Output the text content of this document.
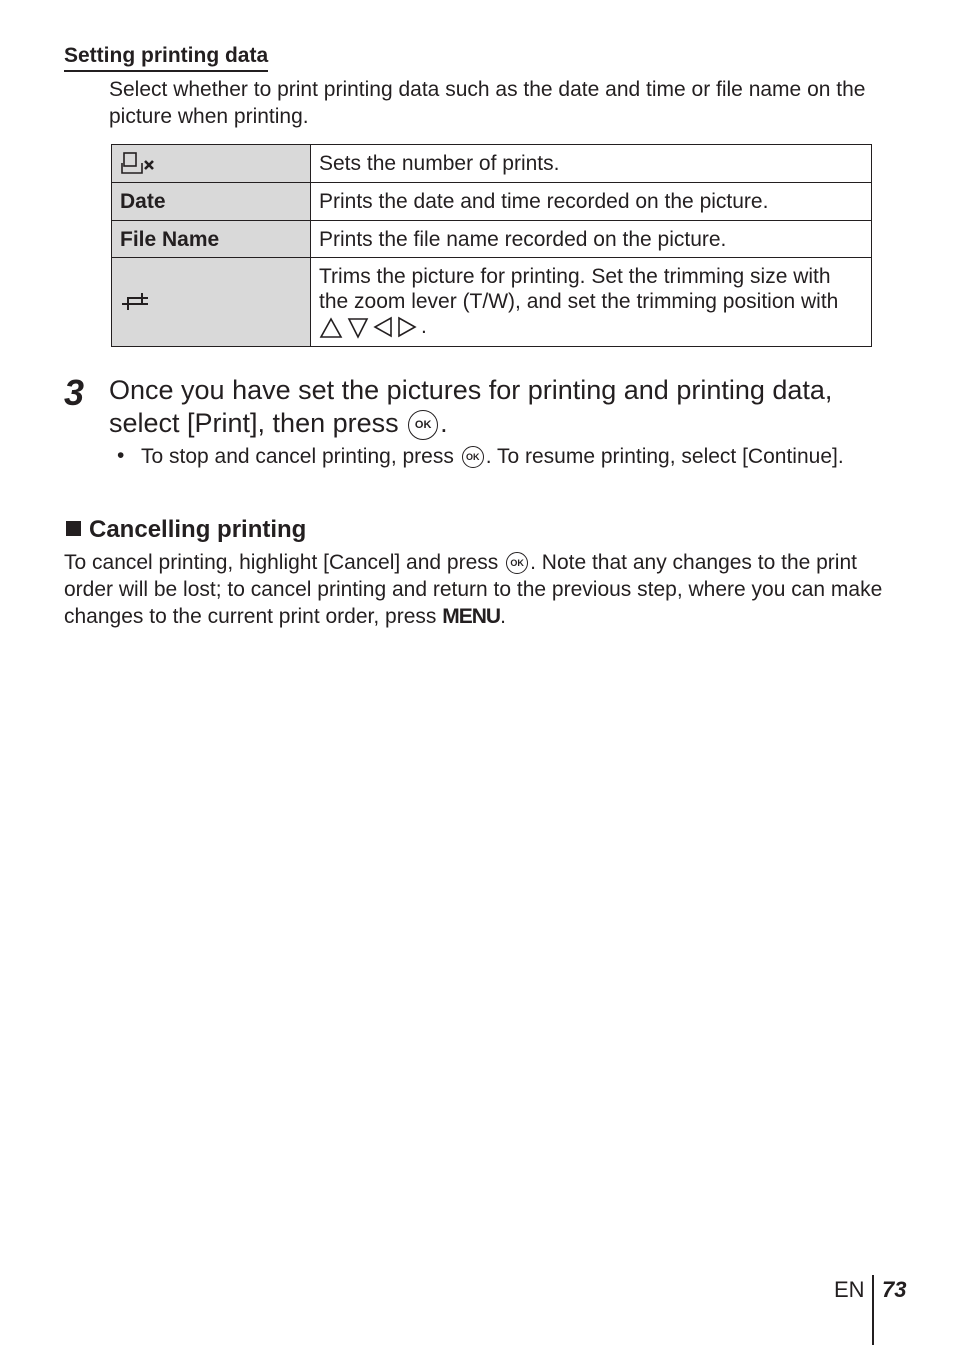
Setting printing data
Select whether to print printing data such as the date and time or file name on the picture when printing.
	Sets the number of prints.
Date	Prints the date and time recorded on the picture.
File Name	Prints the file name recorded on the picture.
	Trims the picture for printing. Set the trimming size with the zoom lever (T/W), and set the trimming position with.
3 Once you have set the pictures for printing and printing data, select [Print], then press OK .
• To stop and cancel printing, press OK . To resume printing, select [Continue].
Cancelling printing
To cancel printing, highlight [Cancel] and press OK . Note that any changes to the print order will be lost; to cancel printing and return to the previous step, where you can make changes to the current print order, press MENU.
EN 73
